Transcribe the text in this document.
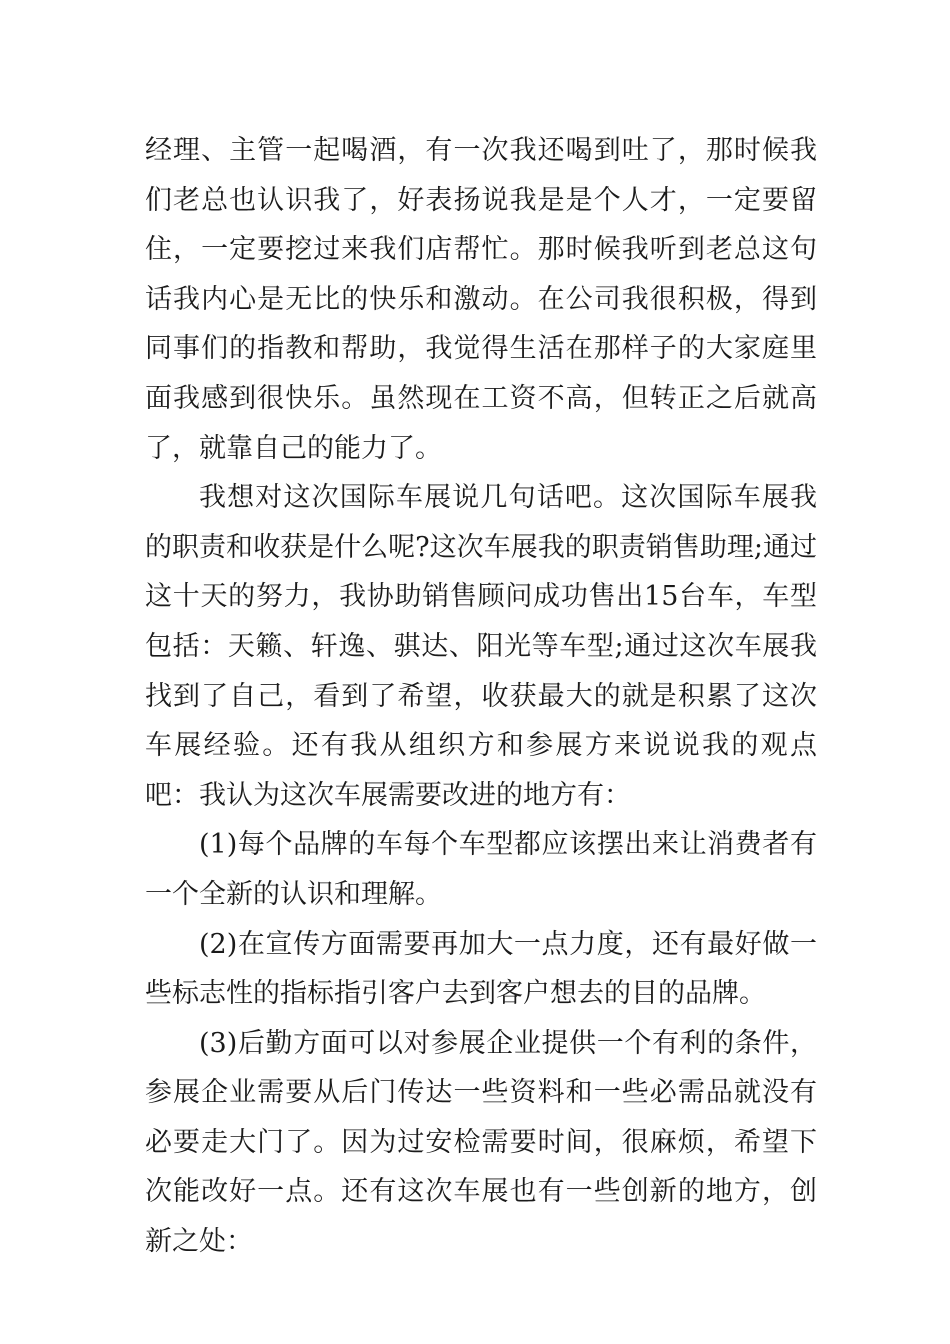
经理、主管一起喝酒，有一次我还喝到吐了，那时候我们老总也认识我了，好表扬说我是是个人才，一定要留住，一定要挖过来我们店帮忙。那时候我听到老总这句话我内心是无比的快乐和激动。在公司我很积极，得到同事们的指教和帮助，我觉得生活在那样子的大家庭里面我感到很快乐。虽然现在工资不高，但转正之后就高了，就靠自己的能力了。

我想对这次国际车展说几句话吧。这次国际车展我的职责和收获是什么呢?这次车展我的职责销售助理;通过这十天的努力，我协助销售顾问成功售出15台车，车型包括：天籁、轩逸、骐达、阳光等车型;通过这次车展我找到了自己，看到了希望，收获最大的就是积累了这次车展经验。还有我从组织方和参展方来说说我的观点吧：我认为这次车展需要改进的地方有：

(1)每个品牌的车每个车型都应该摆出来让消费者有一个全新的认识和理解。

(2)在宣传方面需要再加大一点力度，还有最好做一些标志性的指标指引客户去到客户想去的目的品牌。

(3)后勤方面可以对参展企业提供一个有利的条件，参展企业需要从后门传达一些资料和一些必需品就没有必要走大门了。因为过安检需要时间，很麻烦，希望下次能改好一点。还有这次车展也有一些创新的地方，创新之处：
